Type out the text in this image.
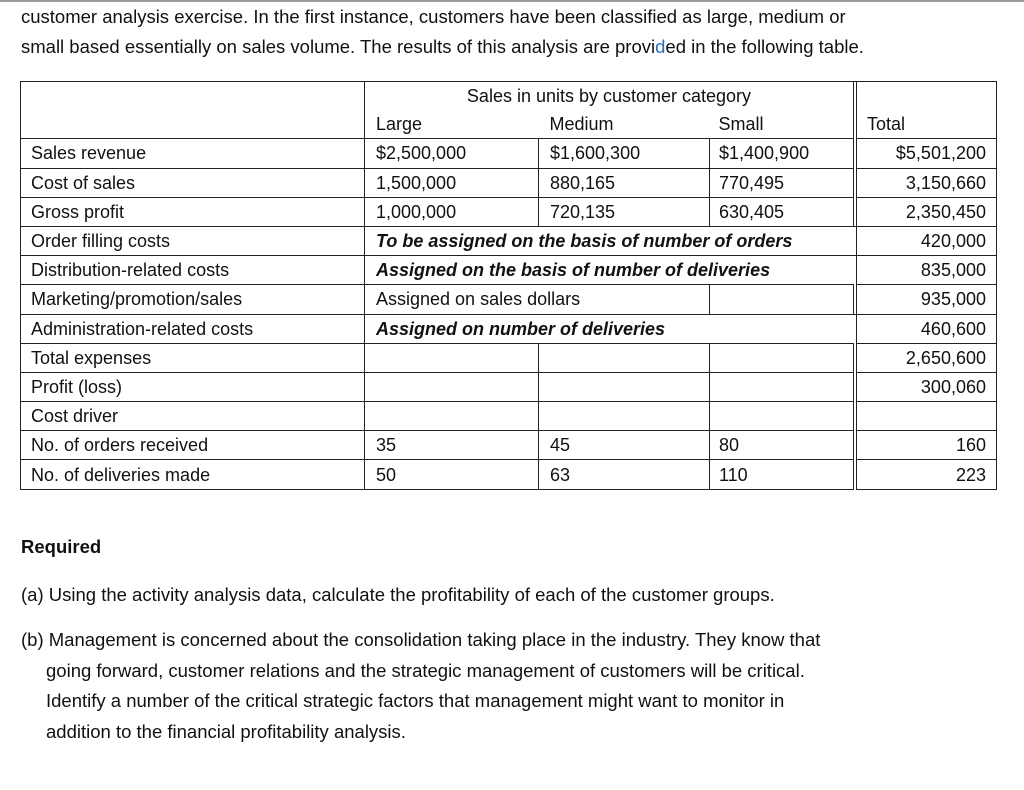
customer analysis exercise. In the first instance, customers have been classified as large, medium or
small based essentially on sales volume. The results of this analysis are provided in the following table.

	Sales in units by customer category				
	Large	Medium	Small		Total
Sales revenue	$2,500,000	$1,600,300	$1,400,900		$5,501,200
Cost of sales	1,500,000	880,165	770,495		3,150,660
Gross profit	1,000,000	720,135	630,405		2,350,450
Order filling costs	To be assigned on the basis of number of orders				420,000
Distribution-related costs	Assigned on the basis of number of deliveries				835,000
Marketing/promotion/sales	Assigned on sales dollars				935,000
Administration-related costs	Assigned on number of deliveries				460,600
Total expenses					2,650,600
Profit (loss)					300,060
Cost driver					
No. of orders received	35	45	80		160
No. of deliveries made	50	63	110		223
Required

(a) Using the activity analysis data, calculate the profitability of each of the customer groups.

(b) Management is concerned about the consolidation taking place in the industry. They know that
going forward, customer relations and the strategic management of customers will be critical.
Identify a number of the critical strategic factors that management might want to monitor in
addition to the financial profitability analysis.
